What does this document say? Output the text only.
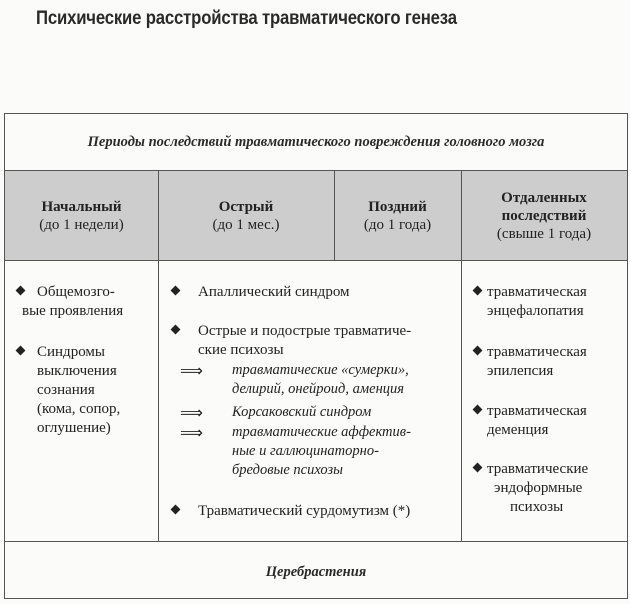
Психические расстройства травматического генеза
Периоды последствий травматического повреждения головного мозга
Начальный
(до 1 недели)
Острый
(до 1 мес.)
Поздний
(до 1 года)
Отдаленных
последствий
(свыше 1 года)
Общемозго-
вые проявления
Синдромы
выключения
сознания
(кома, сопор,
оглушение)
Апаллический синдром
Острые и подострые травматиче-
ские психозы
⟹ травматические «сумерки»,
делирий, онейроид, аменция
⟹ Корсаковский синдром
⟹ травматические аффектив-
ные и галлюцинаторно-
бредовые психозы
Травматический сурдомутизм (*)
травматическая
энцефалопатия
травматическая
эпилепсия
травматическая
деменция
травматические
эндоформные
психозы
Церебрастения
